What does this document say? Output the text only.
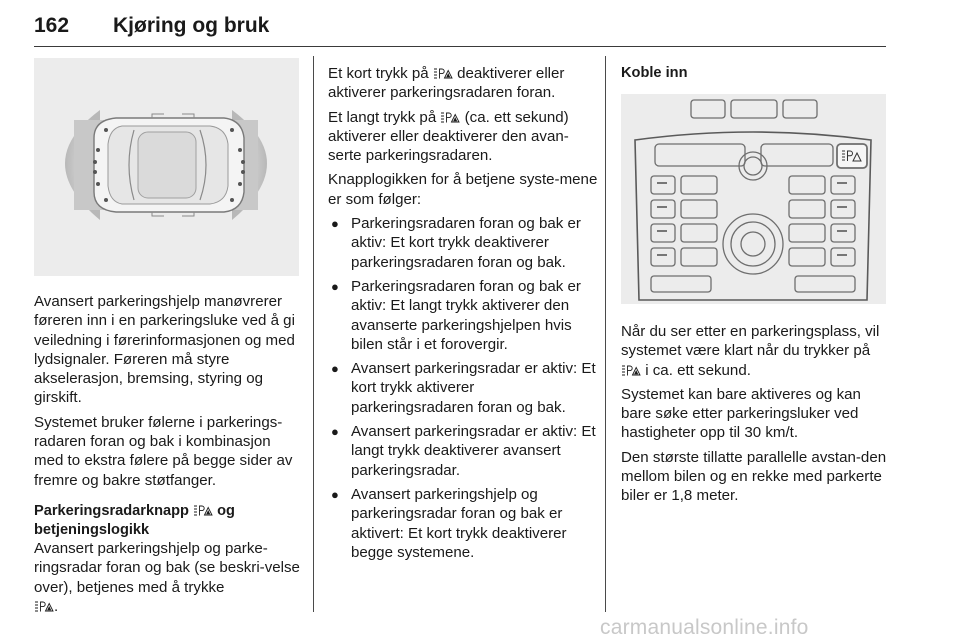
162 Kjøring og bruk

Avansert parkeringshjelp manøvrerer føreren inn i en parkeringsluke ved å gi veiledning i førerinformasjonen og med lydsignaler. Føreren må styre akselerasjon, bremsing, styring og girskift.

Systemet bruker følerne i parkerings-radaren foran og bak i kombinasjon med to ekstra følere på begge sider av fremre og bakre støtfanger.

Parkeringsradarknapp og
betjeningslogikk

Avansert parkeringshjelp og parke-ringsradar foran og bak (se beskri-velse over), betjenes med å trykke
.

Et kort trykk på deaktiverer eller aktiverer parkeringsradaren foran.

Et langt trykk på (ca. ett sekund) aktiverer eller deaktiverer den avan-serte parkeringsradaren.

Knapplogikken for å betjene syste-mene er som følger:

● Parkeringsradaren foran og bak er aktiv: Et kort trykk deaktiverer parkeringsradaren foran og bak.
● Parkeringsradaren foran og bak er aktiv: Et langt trykk aktiverer den avanserte parkeringshjelpen hvis bilen står i et forovergir.
● Avansert parkeringsradar er aktiv: Et kort trykk aktiverer parkeringsradaren foran og bak.
● Avansert parkeringsradar er aktiv: Et langt trykk deaktiverer avansert parkeringsradar.
● Avansert parkeringshjelp og parkeringsradar foran og bak er aktivert: Et kort trykk deaktiverer begge systemene.

Koble inn

Når du ser etter en parkeringsplass, vil systemet være klart når du trykker på  i ca. ett sekund.

Systemet kan bare aktiveres og kan bare søke etter parkeringsluker ved hastigheter opp til 30 km/t.

Den største tillatte parallelle avstan-den mellom bilen og en rekke med parkerte biler er 1,8 meter.

carmanualsonline.info
